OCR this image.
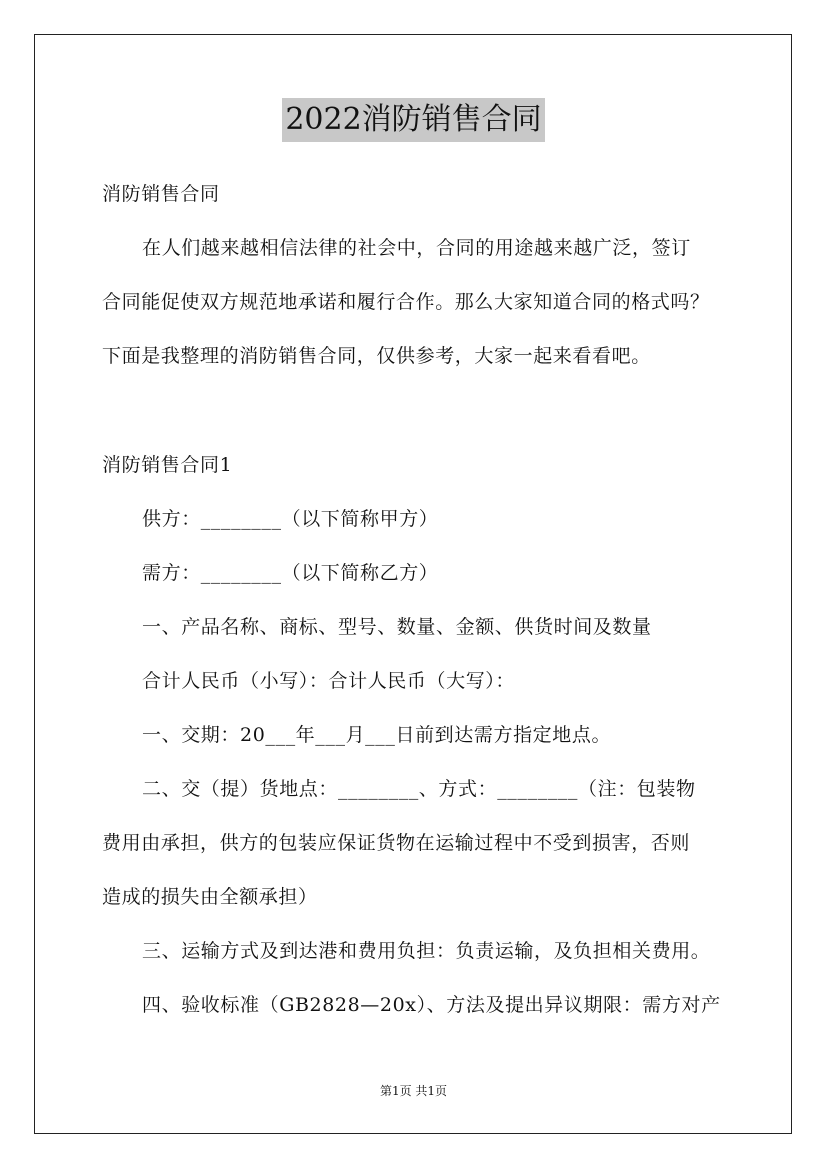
2022消防销售合同
消防销售合同
在人们越来越相信法律的社会中，合同的用途越来越广泛，签订
合同能促使双方规范地承诺和履行合作。那么大家知道合同的格式吗？
下面是我整理的消防销售合同，仅供参考，大家一起来看看吧。
消防销售合同1
供方：________（以下简称甲方）
需方：________（以下简称乙方）
一、产品名称、商标、型号、数量、金额、供货时间及数量
合计人民币（小写）：合计人民币（大写）：
一、交期：20___年___月___日前到达需方指定地点。
二、交（提）货地点：________、方式：________（注：包装物
费用由承担，供方的包装应保证货物在运输过程中不受到损害，否则
造成的损失由全额承担）
三、运输方式及到达港和费用负担：负责运输，及负担相关费用。
四、验收标准（GB2828—20x）、方法及提出异议期限：需方对产
第1页 共1页
